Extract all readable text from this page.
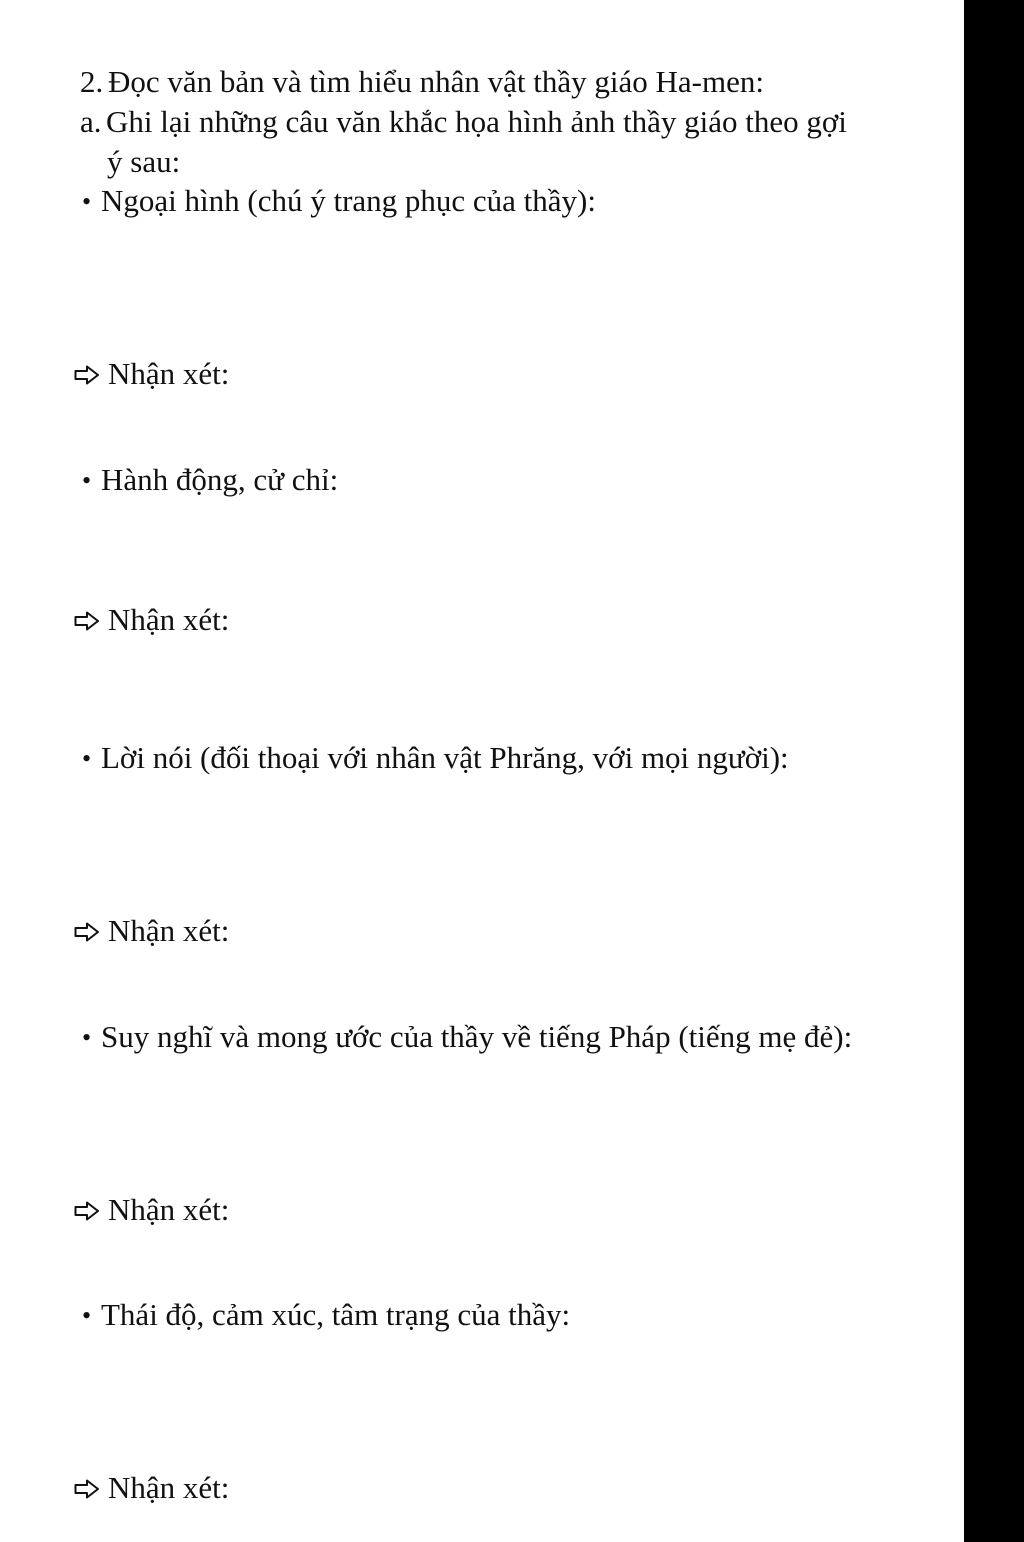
2. Đọc văn bản và tìm hiểu nhân vật thầy giáo Ha-men:
a. Ghi lại những câu văn khắc họa hình ảnh thầy giáo theo gợi
ý sau:
• Ngoại hình (chú ý trang phục của thầy):
Nhận xét:
• Hành động, cử chỉ:
Nhận xét:
• Lời nói (đối thoại với nhân vật Phrăng, với mọi người):
Nhận xét:
• Suy nghĩ và mong ước của thầy về tiếng Pháp (tiếng mẹ đẻ):
Nhận xét:
• Thái độ, cảm xúc, tâm trạng của thầy:
Nhận xét:
